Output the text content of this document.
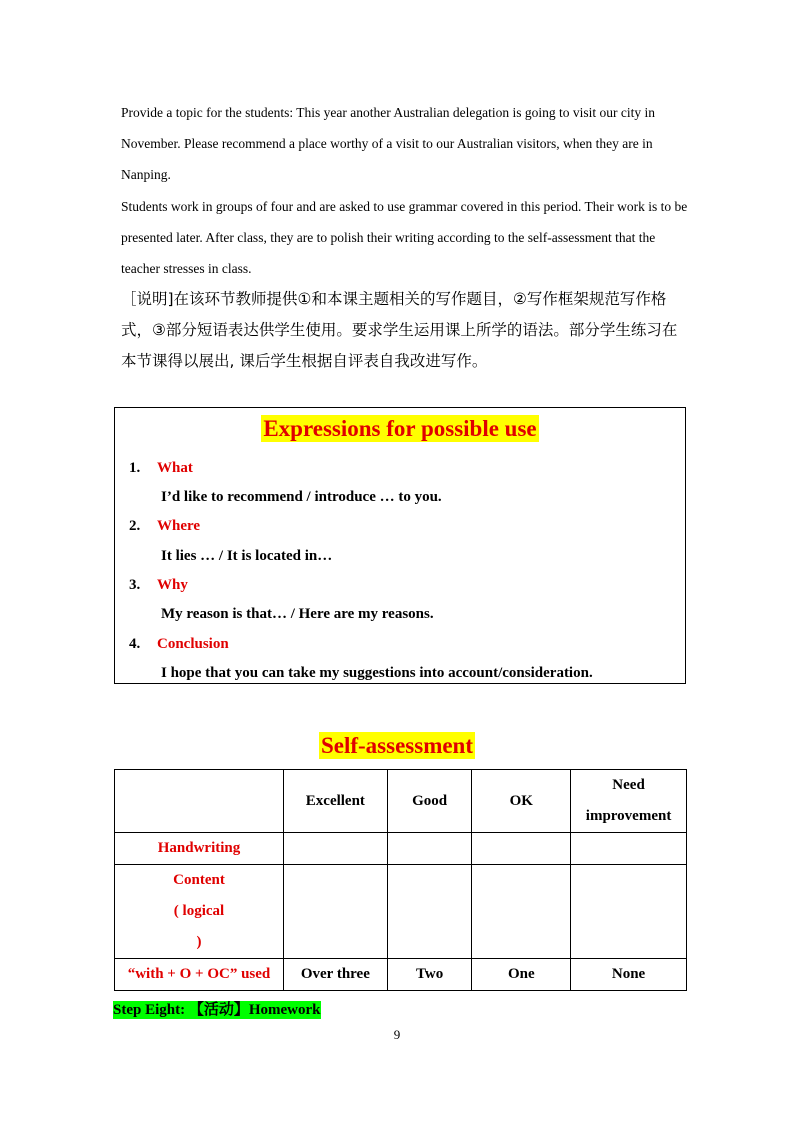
Provide a topic for the students: This year another Australian delegation is going to visit our city in November. Please recommend a place worthy of a visit to our Australian visitors, when they are in Nanping.
Students work in groups of four and are asked to use grammar covered in this period. Their work is to be presented later. After class, they are to polish their writing according to the self-assessment that the teacher stresses in class.
［说明]在该环节教师提供①和本课主题相关的写作题目，②写作框架规范写作格式，③部分短语表达供学生使用。要求学生运用课上所学的语法。部分学生练习在本节课得以展出, 课后学生根据自评表自我改进写作。
Expressions for possible use
1. What
I’d like to recommend / introduce … to you.
2. Where
It lies … / It is located in…
3. Why
My reason is that… / Here are my reasons.
4. Conclusion
I hope that you can take my suggestions into account/consideration.
Self-assessment
	Excellent	Good	OK	Need improvement
Handwriting				
Content ( logical )				
“with + O + OC” used	Over three	Two	One	None
Step Eight: 【活动】Homework
9
